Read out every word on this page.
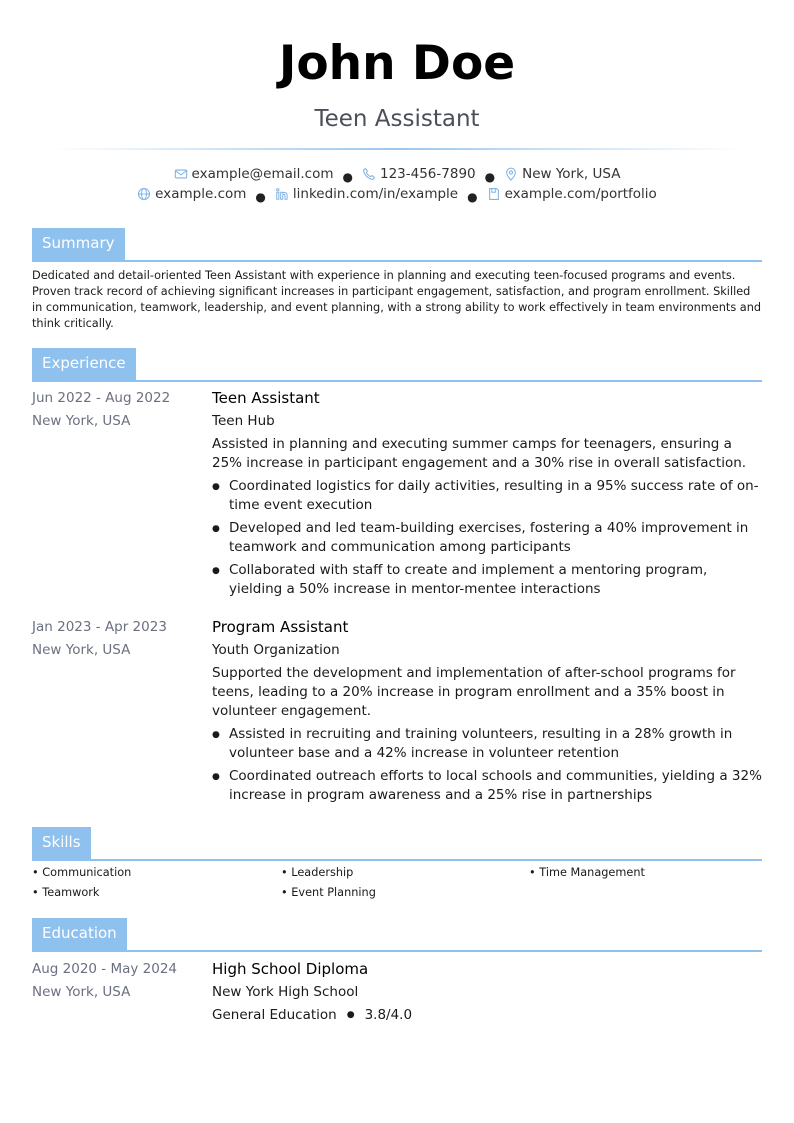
John Doe
Teen Assistant
example@email.com ● 123-456-7890 ● New York, USA
example.com ● linkedin.com/in/example ● example.com/portfolio
Summary
Dedicated and detail-oriented Teen Assistant with experience in planning and executing teen-focused programs and events. Proven track record of achieving significant increases in participant engagement, satisfaction, and program enrollment. Skilled in communication, teamwork, leadership, and event planning, with a strong ability to work effectively in team environments and think critically.
Experience
Jun 2022 - Aug 2022
New York, USA
Teen Assistant
Teen Hub
Assisted in planning and executing summer camps for teenagers, ensuring a 25% increase in participant engagement and a 30% rise in overall satisfaction.
● Coordinated logistics for daily activities, resulting in a 95% success rate of on-time event execution
● Developed and led team-building exercises, fostering a 40% improvement in teamwork and communication among participants
● Collaborated with staff to create and implement a mentoring program, yielding a 50% increase in mentor-mentee interactions
Jan 2023 - Apr 2023
New York, USA
Program Assistant
Youth Organization
Supported the development and implementation of after-school programs for teens, leading to a 20% increase in program enrollment and a 35% boost in volunteer engagement.
● Assisted in recruiting and training volunteers, resulting in a 28% growth in volunteer base and a 42% increase in volunteer retention
● Coordinated outreach efforts to local schools and communities, yielding a 32% increase in program awareness and a 25% rise in partnerships
Skills
• Communication	• Leadership	• Time Management
• Teamwork	• Event Planning
Education
Aug 2020 - May 2024
New York, USA
High School Diploma
New York High School
General Education ● 3.8/4.0
